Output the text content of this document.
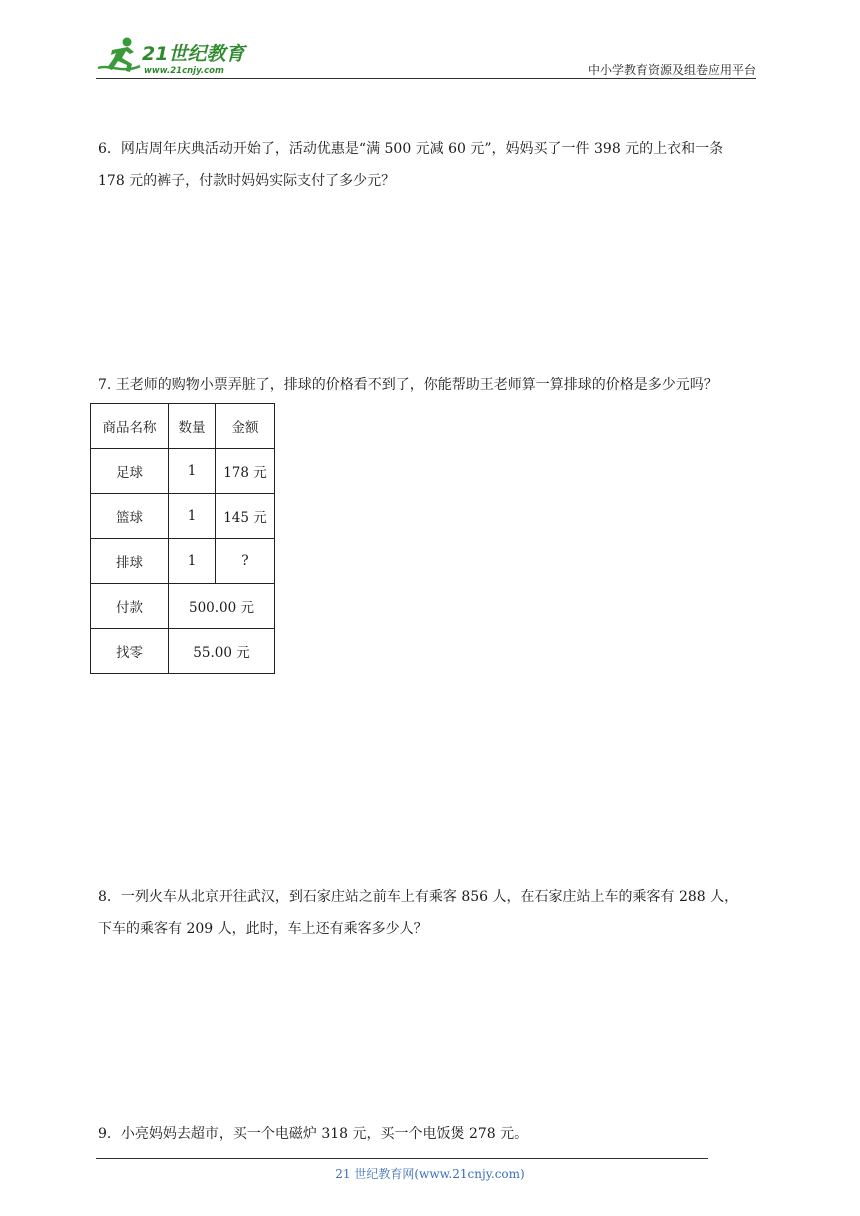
21世纪教育
www.21cnjy.com	中小学教育资源及组卷应用平台

6．网店周年庆典活动开始了，活动优惠是“满 500 元减 60 元”，妈妈买了一件 398 元的上衣和一条

178 元的裤子，付款时妈妈实际支付了多少元？

7. 王老师的购物小票弄脏了，排球的价格看不到了，你能帮助王老师算一算排球的价格是多少元吗？

商品名称	数量	金额
足球	1	178 元
篮球	1	145 元
排球	1	?
付款	500.00 元	
找零	55.00 元	

8．一列火车从北京开往武汉，到石家庄站之前车上有乘客 856 人，在石家庄站上车的乘客有 288 人，

下车的乘客有 209 人，此时，车上还有乘客多少人？

9．小亮妈妈去超市，买一个电磁炉 318 元，买一个电饭煲 278 元。

21 世纪教育网(www.21cnjy.com)
